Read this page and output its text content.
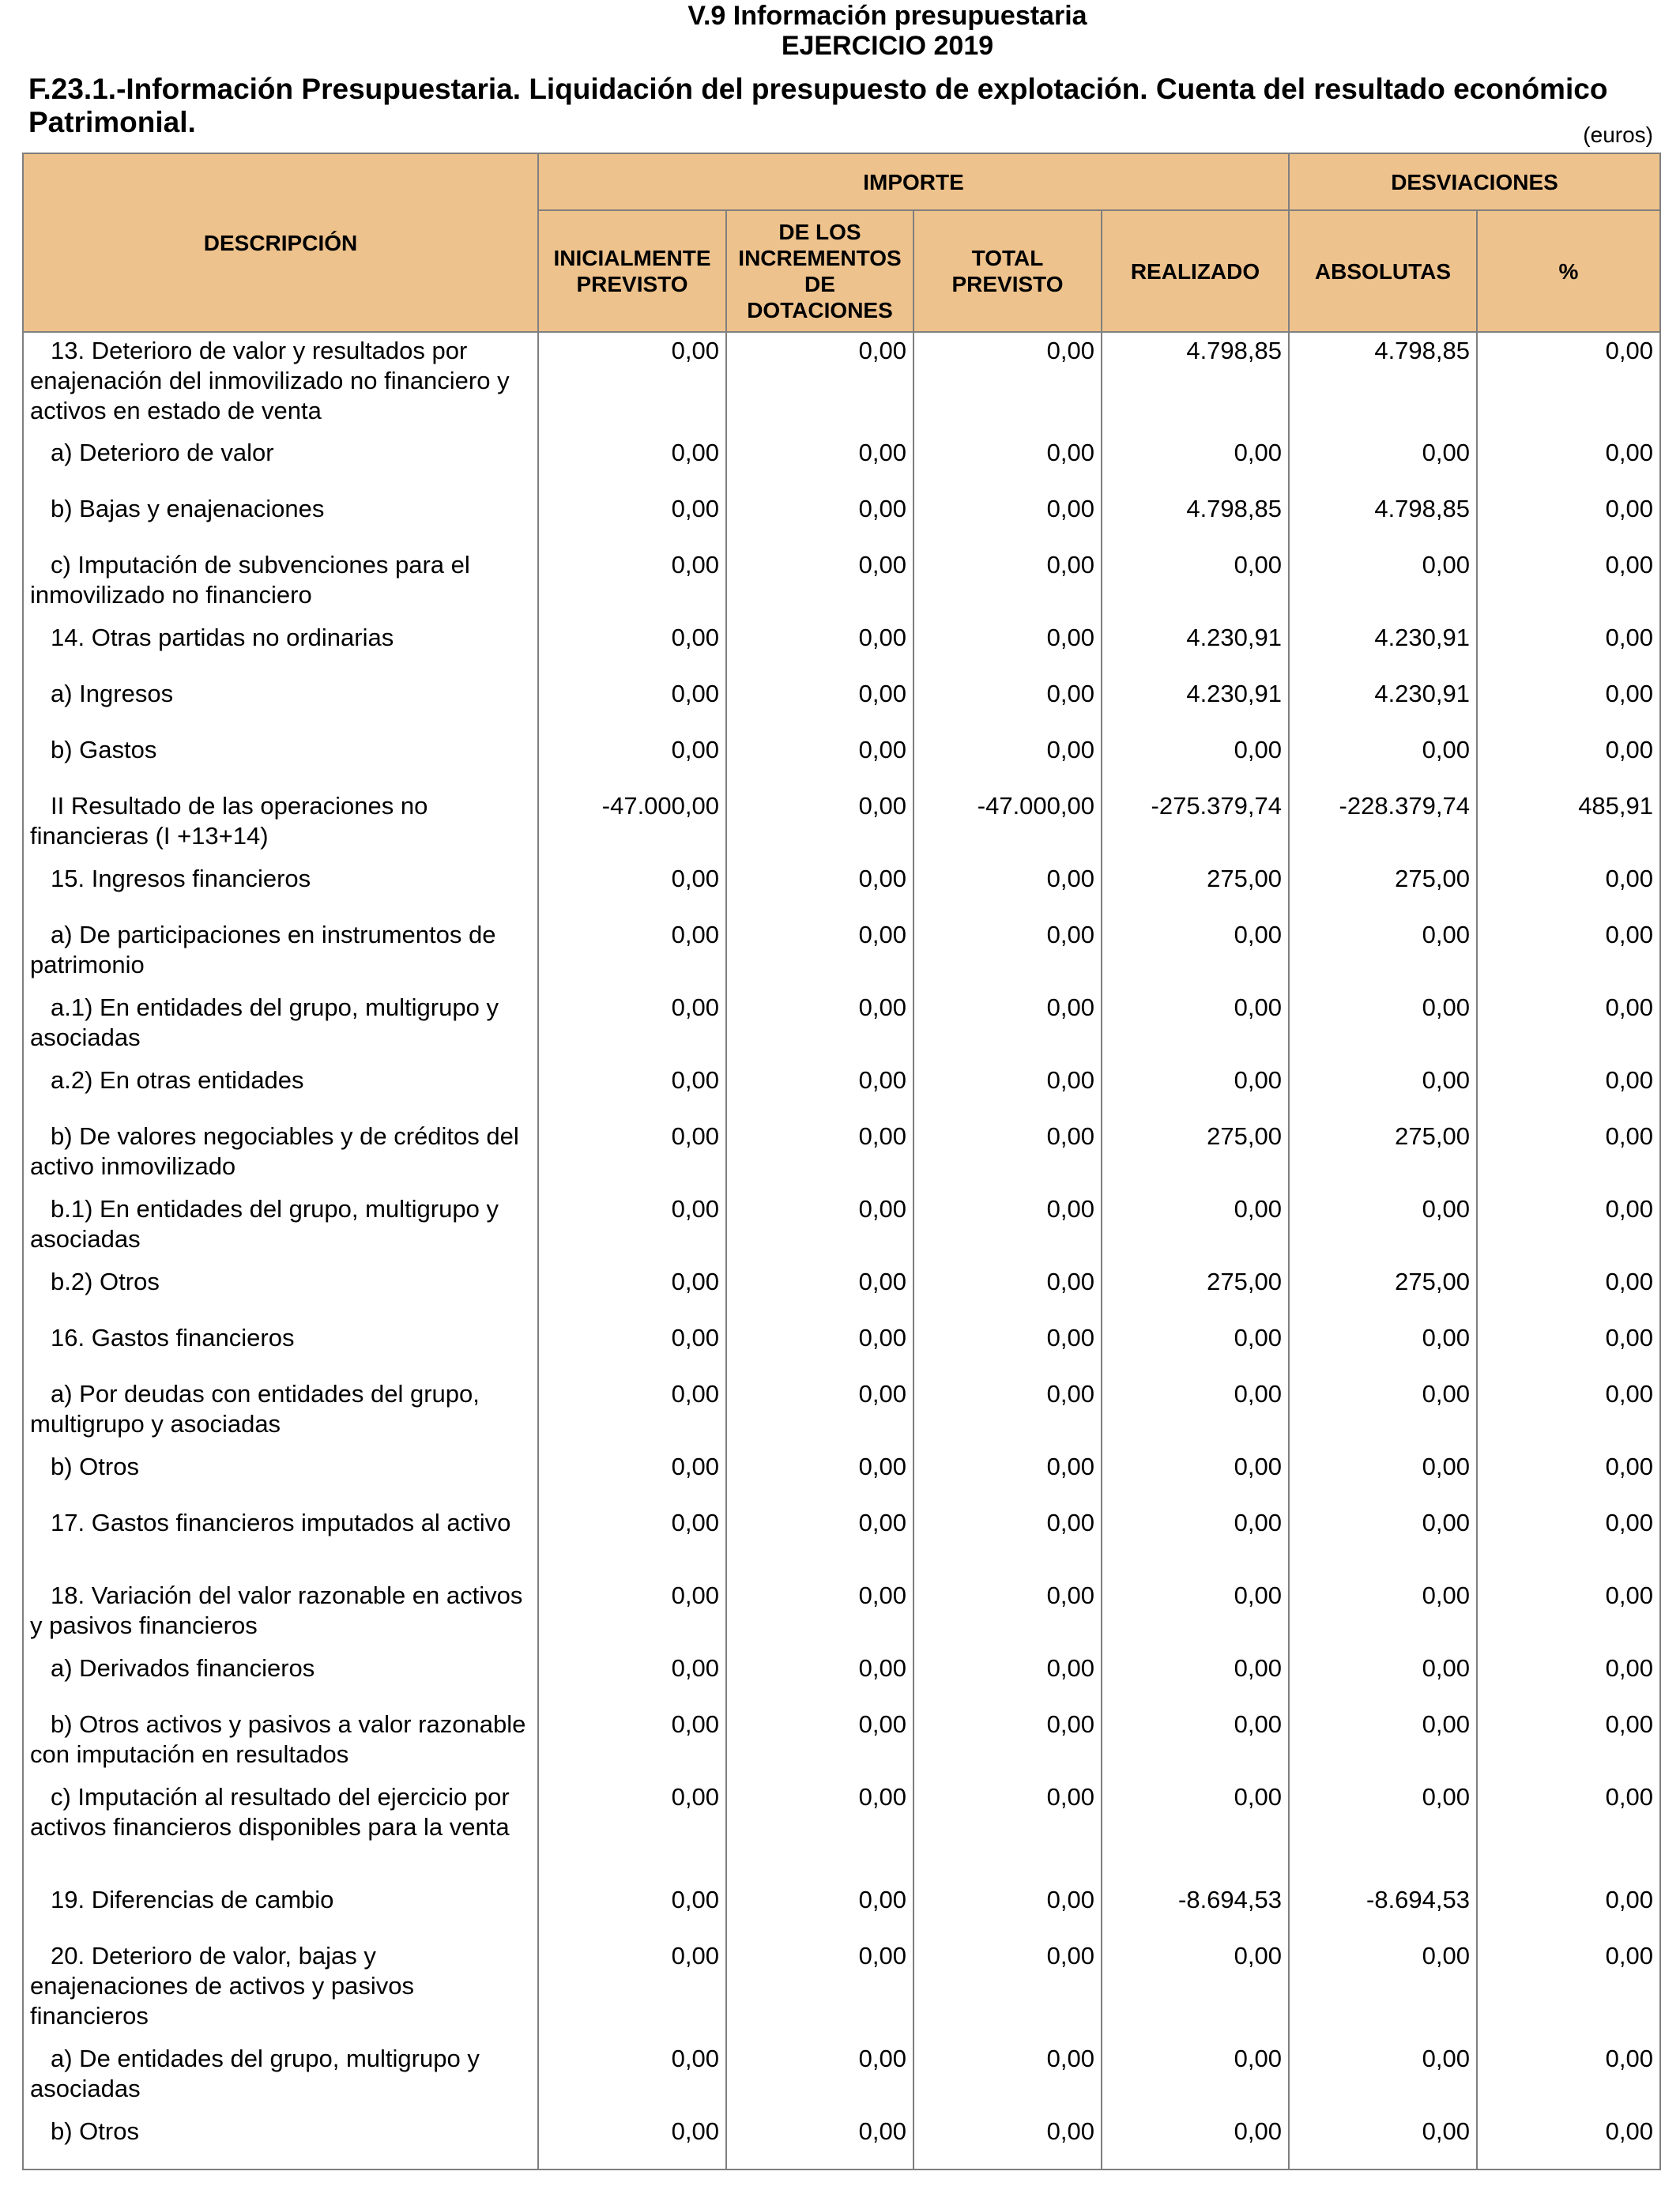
V.9 Información presupuestaria
EJERCICIO 2019
F.23.1.-Información Presupuestaria. Liquidación del presupuesto de explotación. Cuenta del resultado económico Patrimonial.	(euros)
DESCRIPCIÓN	IMPORTE				DESVIACIONES	
	INICIALMENTE PREVISTO	DE LOS INCREMENTOS DE DOTACIONES	TOTAL PREVISTO	REALIZADO	ABSOLUTAS	%
13. Deterioro de valor y resultados por enajenación del inmovilizado no financiero y activos en estado de venta	0,00	0,00	0,00	4.798,85	4.798,85	0,00
a) Deterioro de valor	0,00	0,00	0,00	0,00	0,00	0,00
b) Bajas y enajenaciones	0,00	0,00	0,00	4.798,85	4.798,85	0,00
c) Imputación de subvenciones para el inmovilizado no financiero	0,00	0,00	0,00	0,00	0,00	0,00
14. Otras partidas no ordinarias	0,00	0,00	0,00	4.230,91	4.230,91	0,00
a) Ingresos	0,00	0,00	0,00	4.230,91	4.230,91	0,00
b) Gastos	0,00	0,00	0,00	0,00	0,00	0,00
II Resultado de las operaciones no financieras (I +13+14)	-47.000,00	0,00	-47.000,00	-275.379,74	-228.379,74	485,91
15. Ingresos financieros	0,00	0,00	0,00	275,00	275,00	0,00
a) De participaciones en instrumentos de patrimonio	0,00	0,00	0,00	0,00	0,00	0,00
a.1) En entidades del grupo, multigrupo y asociadas	0,00	0,00	0,00	0,00	0,00	0,00
a.2) En otras entidades	0,00	0,00	0,00	0,00	0,00	0,00
b) De valores negociables y de créditos del activo inmovilizado	0,00	0,00	0,00	275,00	275,00	0,00
b.1) En entidades del grupo, multigrupo y asociadas	0,00	0,00	0,00	0,00	0,00	0,00
b.2) Otros	0,00	0,00	0,00	275,00	275,00	0,00
16. Gastos financieros	0,00	0,00	0,00	0,00	0,00	0,00
a) Por deudas con entidades del grupo, multigrupo y asociadas	0,00	0,00	0,00	0,00	0,00	0,00
b) Otros	0,00	0,00	0,00	0,00	0,00	0,00
17. Gastos financieros imputados al activo	0,00	0,00	0,00	0,00	0,00	0,00
18. Variación del valor razonable en activos y pasivos financieros	0,00	0,00	0,00	0,00	0,00	0,00
a) Derivados financieros	0,00	0,00	0,00	0,00	0,00	0,00
b) Otros activos y pasivos a valor razonable con imputación en resultados	0,00	0,00	0,00	0,00	0,00	0,00
c) Imputación al resultado del ejercicio por activos financieros disponibles para la venta	0,00	0,00	0,00	0,00	0,00	0,00
19. Diferencias de cambio	0,00	0,00	0,00	-8.694,53	-8.694,53	0,00
20. Deterioro de valor, bajas y enajenaciones de activos y pasivos financieros	0,00	0,00	0,00	0,00	0,00	0,00
a) De entidades del grupo, multigrupo y asociadas	0,00	0,00	0,00	0,00	0,00	0,00
b) Otros	0,00	0,00	0,00	0,00	0,00	0,00
